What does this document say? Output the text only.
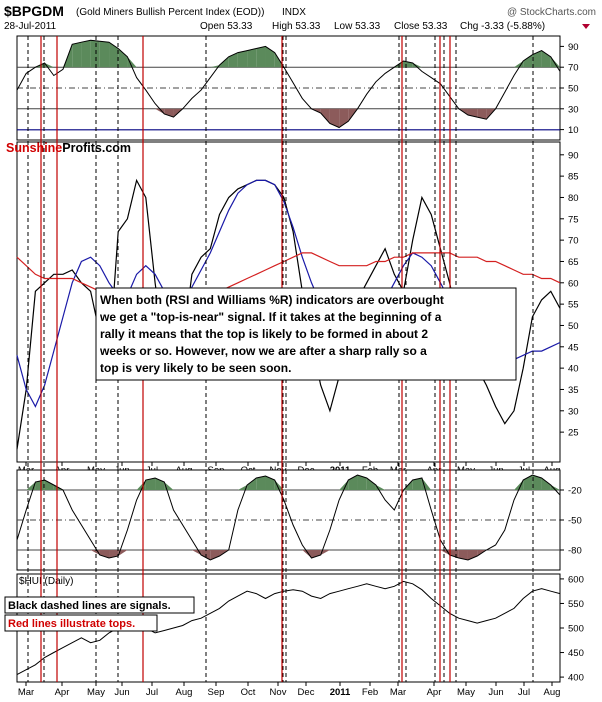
$BPGDM (Gold Miners Bullish Percent Index (EOD)) INDX	@ StockCharts.com
28-Jul-2011	Open 53.33 High 53.33 Low 53.33 Close 53.33 Chg -3.33 (-5.88%)
90
70
50
30
10
90
85
80
75
70
65
60
55
50
45
40
35
30
25
-20
-50
-80
600
550
500
450
400
$HUI (Daily)
Mar Apr May Jun Jul Aug Sep Oct Nov Dec 2011 Feb Mar Apr May Jun Jul Aug
SunshineProfits.com
When both (RSI and Williams %R) indicators are overbought
we get a "top-is-near" signal. If it takes at the beginning of a
rally it means that the top is likely to be formed in about 2
weeks or so. However, now we are after a sharp rally so a
top is very likely to be seen soon.
Black dashed lines are signals.
Red lines illustrate tops.
